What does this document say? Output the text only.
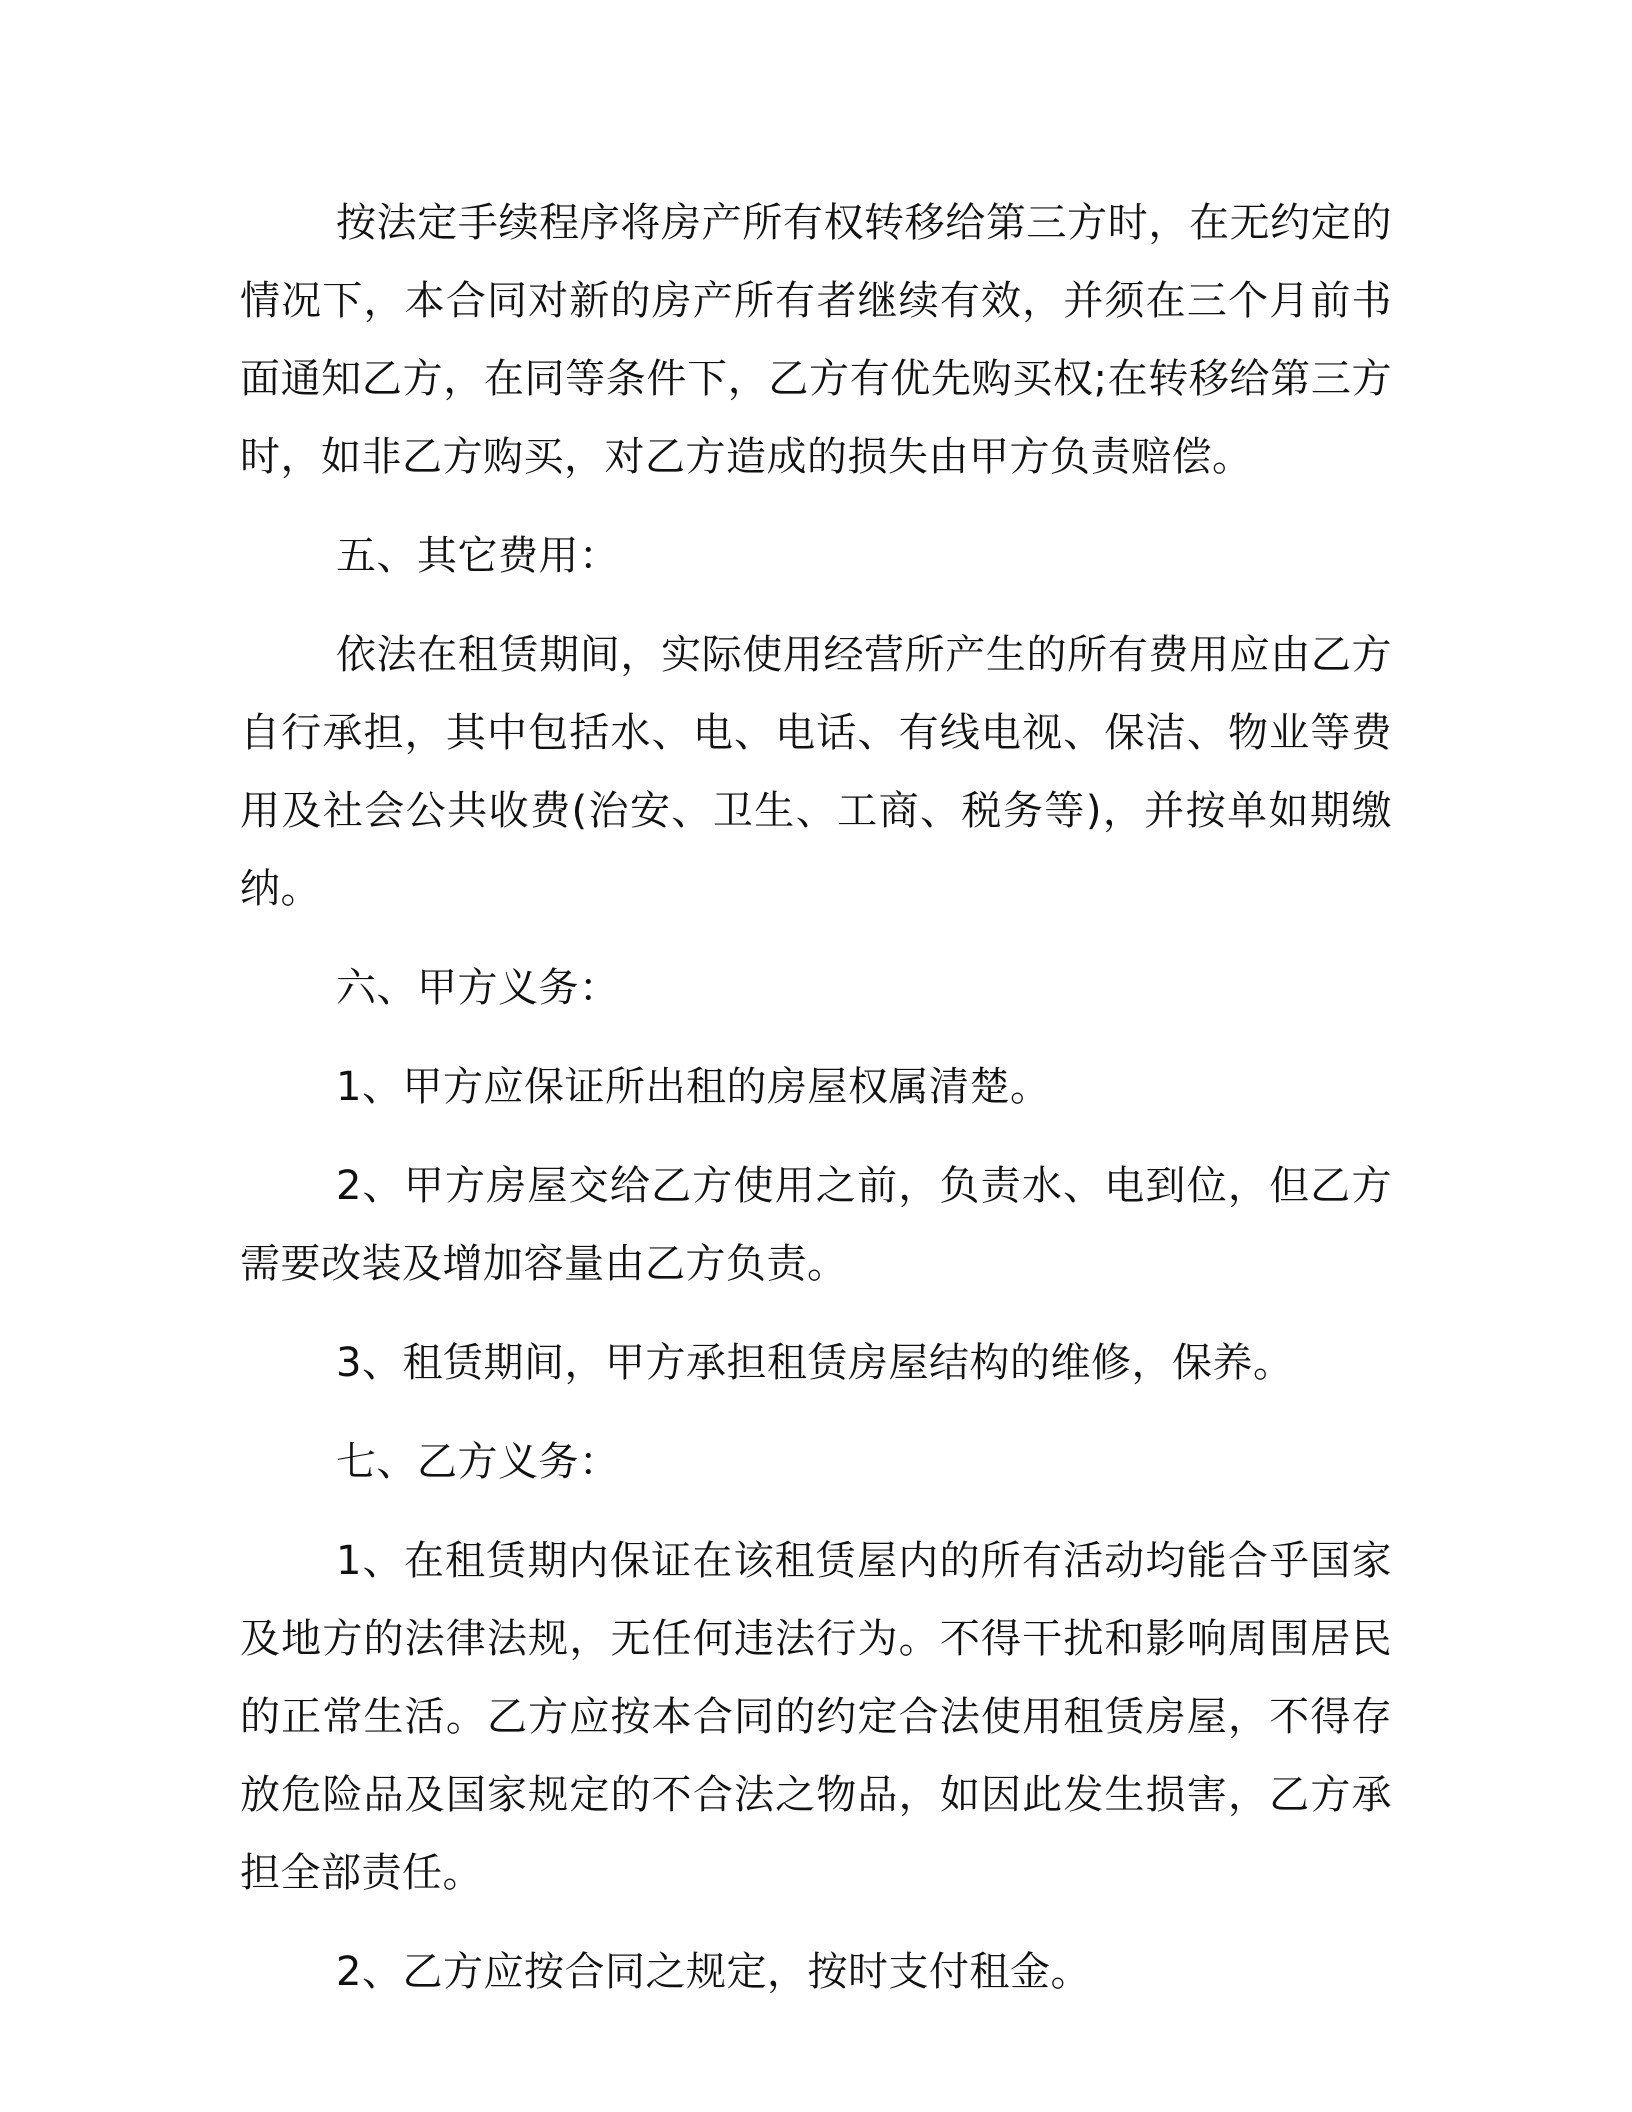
按法定手续程序将房产所有权转移给第三方时，在无约定的情况下，本合同对新的房产所有者继续有效，并须在三个月前书面通知乙方，在同等条件下，乙方有优先购买权;在转移给第三方时，如非乙方购买，对乙方造成的损失由甲方负责赔偿。

五、其它费用：

依法在租赁期间，实际使用经营所产生的所有费用应由乙方自行承担，其中包括水、电、电话、有线电视、保洁、物业等费用及社会公共收费(治安、卫生、工商、税务等)，并按单如期缴纳。

六、甲方义务：

1、甲方应保证所出租的房屋权属清楚。

2、甲方房屋交给乙方使用之前，负责水、电到位，但乙方需要改装及增加容量由乙方负责。

3、租赁期间，甲方承担租赁房屋结构的维修，保养。

七、乙方义务：

1、在租赁期内保证在该租赁屋内的所有活动均能合乎国家及地方的法律法规，无任何违法行为。不得干扰和影响周围居民的正常生活。乙方应按本合同的约定合法使用租赁房屋，不得存放危险品及国家规定的不合法之物品，如因此发生损害，乙方承担全部责任。

2、乙方应按合同之规定，按时支付租金。
